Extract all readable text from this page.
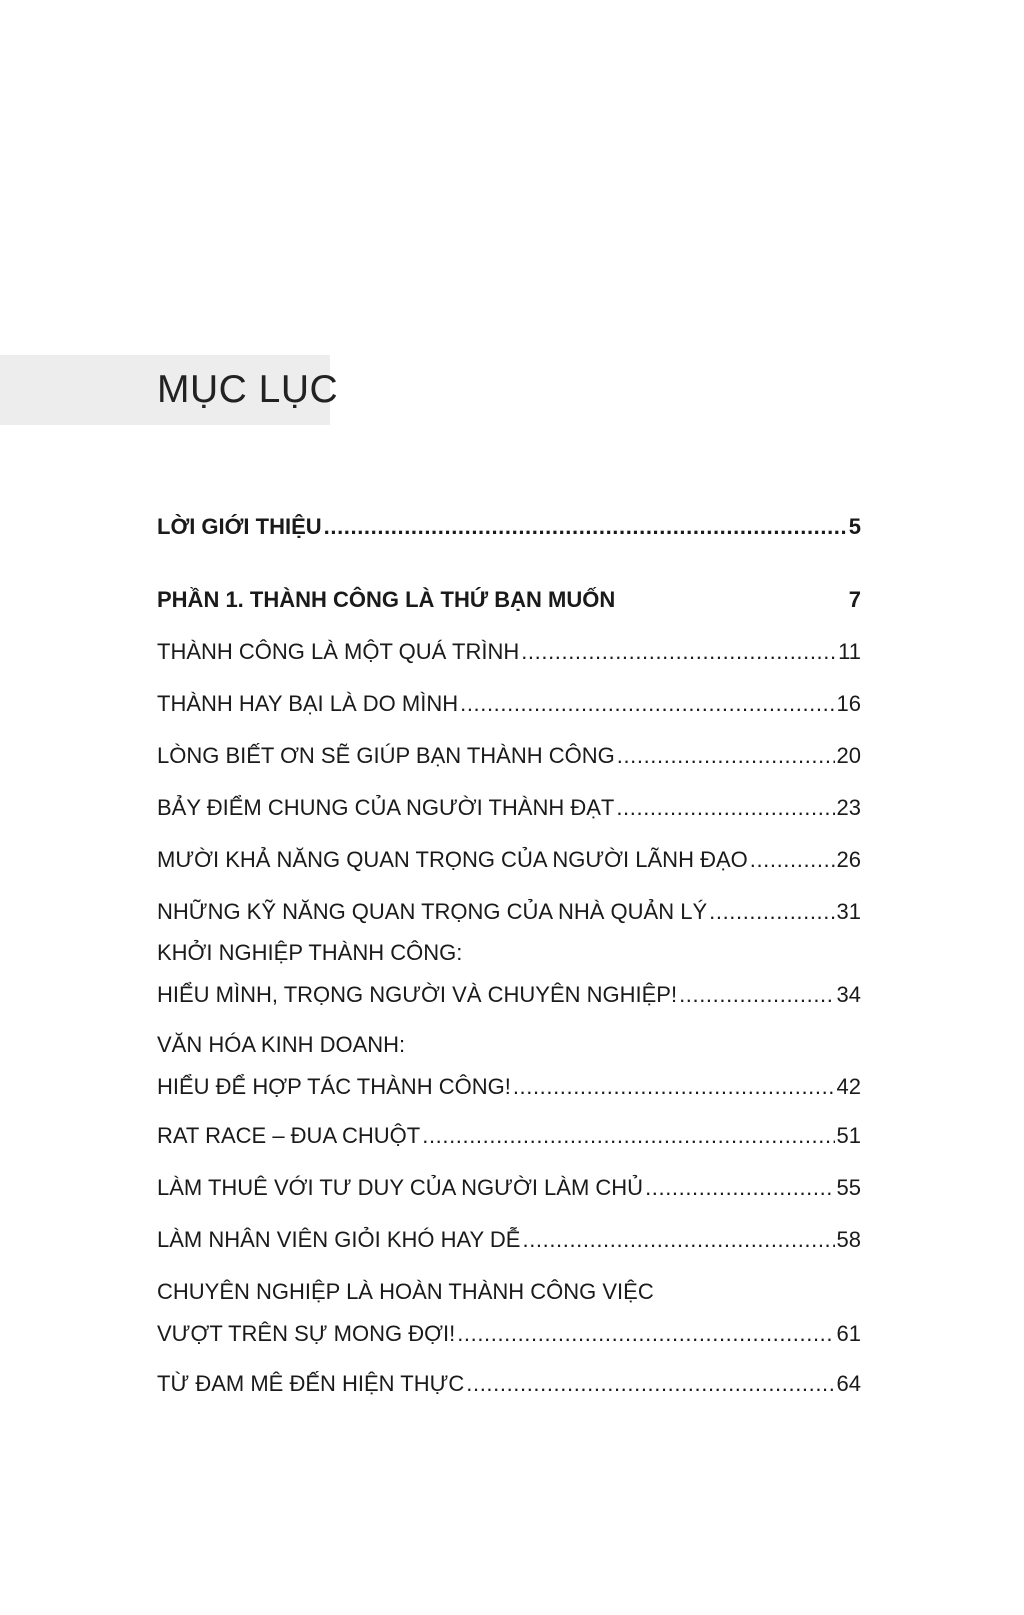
MỤC LỤC
LỜI GIỚI THIỆU .....	5
PHẦN 1. THÀNH CÔNG LÀ THỨ BẠN MUỐN	7
THÀNH CÔNG LÀ MỘT QUÁ TRÌNH .....	11
THÀNH HAY BẠI LÀ DO MÌNH .....	16
LÒNG BIẾT ƠN SẼ GIÚP BẠN THÀNH CÔNG .....	20
BẢY ĐIỂM CHUNG CỦA NGƯỜI THÀNH ĐẠT .....	23
MƯỜI KHẢ NĂNG QUAN TRỌNG CỦA NGƯỜI LÃNH ĐẠO .....	26
NHỮNG KỸ NĂNG QUAN TRỌNG CỦA NHÀ QUẢN LÝ .....	31
KHỞI NGHIỆP THÀNH CÔNG:
HIỂU MÌNH, TRỌNG NGƯỜI VÀ CHUYÊN NGHIỆP! .....	34
VĂN HÓA KINH DOANH:
HIỂU ĐỂ HỢP TÁC THÀNH CÔNG! .....	42
RAT RACE – ĐUA CHUỘT .....	51
LÀM THUÊ VỚI TƯ DUY CỦA NGƯỜI LÀM CHỦ .....	55
LÀM NHÂN VIÊN GIỎI KHÓ HAY DỄ .....	58
CHUYÊN NGHIỆP LÀ HOÀN THÀNH CÔNG VIỆC
VƯỢT TRÊN SỰ MONG ĐỢI! .....	61
TỪ ĐAM MÊ ĐẾN HIỆN THỰC .....	64
